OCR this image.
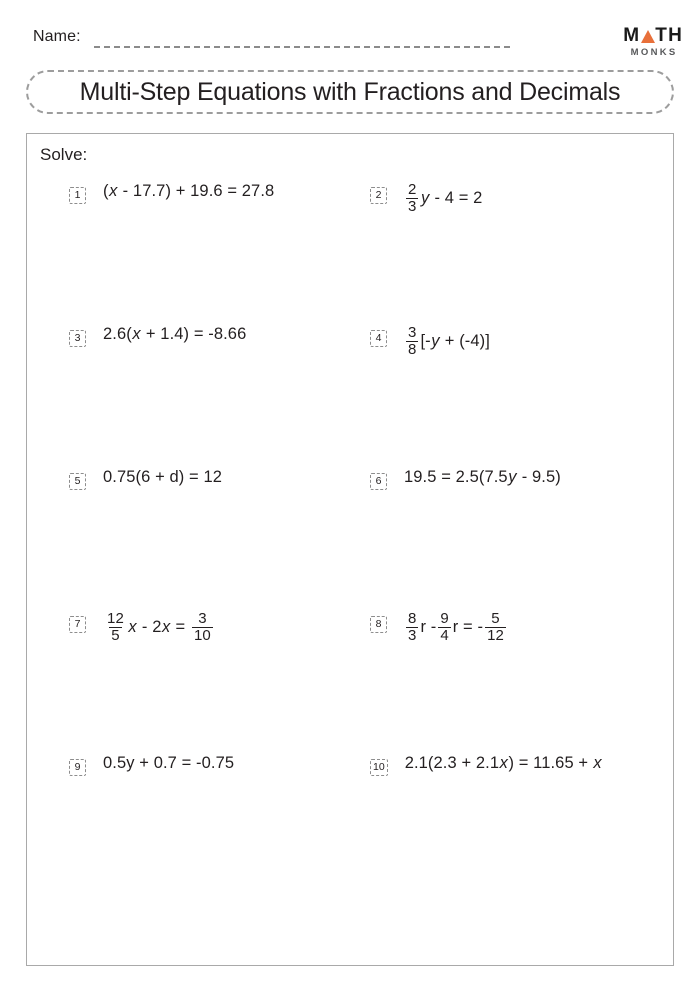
Name:	M TH
MONKS
Multi-Step Equations with Fractions and Decimals
Solve:
1	( x - 17.7) + 19.6 = 27.8	2	$\frac{2}{3}$ y - 4 = 2
3	2.6( x + 1.4) = -8.66	4	$\frac{3}{8}$ [- y + (-4)]
5	0.75(6 + d) = 12	6	19.5 = 2.5(7.5 y - 9.5)
7	$\frac{12}{5}$ x - 2 $x = \frac{3}{10}$	8	$\frac{8}{3}$ r - $\frac{9}{4}$ r = - $\frac{5}{12}$
9	0.5y + 0.7 = -0.75	10 2.1(2.3 + 2.1 x ) = 11.65 + x
